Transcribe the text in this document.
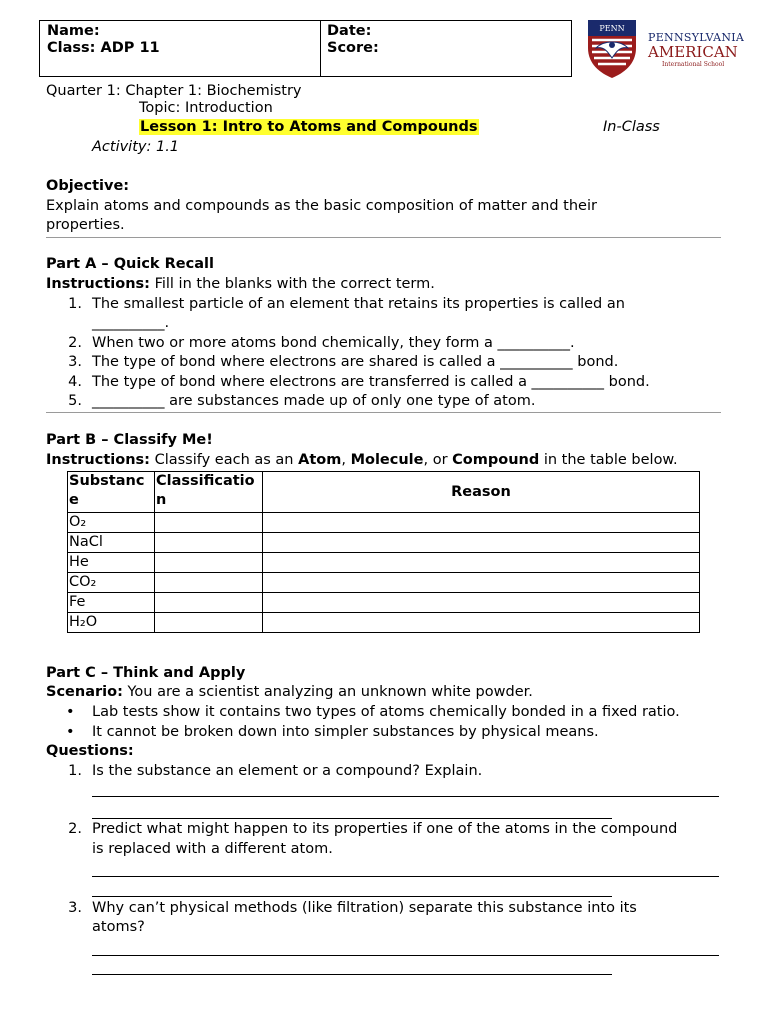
Name:
Class: ADP 11
Date:
Score:
PENN
PENNSYLVANIA
AMERICAN
International School
Quarter 1: Chapter 1: Biochemistry
Topic: Introduction
Lesson 1: Intro to Atoms and Compounds	In-Class
Activity: 1.1
Objective:
Explain atoms and compounds as the basic composition of matter and their
properties.
Part A – Quick Recall
Instructions: Fill in the blanks with the correct term.
1. The smallest particle of an element that retains its properties is called an
__________.
2. When two or more atoms bond chemically, they form a __________.
3. The type of bond where electrons are shared is called a __________ bond.
4. The type of bond where electrons are transferred is called a __________ bond.
5. __________ are substances made up of only one type of atom.
Part B – Classify Me!
Instructions: Classify each as an Atom, Molecule, or Compound in the table below.
Substance	Classification	Reason
O₂		
NaCl		
He		
CO₂		
Fe		
H₂O		
Part C – Think and Apply
Scenario: You are a scientist analyzing an unknown white powder.
• Lab tests show it contains two types of atoms chemically bonded in a fixed ratio.
• It cannot be broken down into simpler substances by physical means.
Questions:
1. Is the substance an element or a compound? Explain.
2. Predict what might happen to its properties if one of the atoms in the compound
is replaced with a different atom.
3. Why can’t physical methods (like filtration) separate this substance into its
atoms?
